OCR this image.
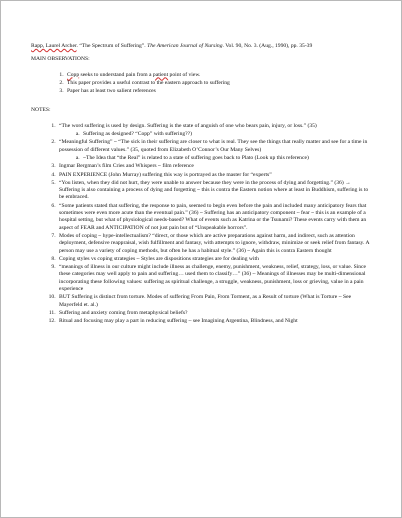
Rapp, Laurel Archer. “The Spectrum of Suffering”. The American Journal of Nursing. Vol. 90, No. 3. (Aug., 1990), pp. 35-39

MAIN OBSERVATIONS:

1. Copp seeks to understand pain from a patient point of view.
2. This paper provides a useful contrast to the eastern approach to suffering
3. Paper has at least two salient references

NOTES:

1. “The word suffering is used by design. Suffering is the state of anguish of one who bears pain, injury, or loss.” (35)
a. Suffering as designed? “Copp” with suffering??)
2. “Meaningful Suffering” ~ “The sick in their suffering are closer to what is real. They see the things that really matter and see for a time in possession of different values.” (35, quoted from Elizabeth O’Connor’s Our Many Selves)
a. ~The Idea that “the Real” is related to a state of suffering goes back to Plato (Look up this reference)
3. Ingmar Bergman’s film Cries and Whispers ~ film reference
4. PAIN EXPERIENCE (John Murray) suffering this way is portrayed as the master for “experts”
5. “You listen, when they did not hurt, they were unable to answer because they were in the process of dying and forgetting.” (36) → Suffering is also containing a process of dying and forgetting ~ this is contra the Eastern notion where at least in Buddhism, suffering is to be embraced.
6. “Some patients stated that suffering, the response to pain, seemed to begin even before the pain and included many anticipatory fears that sometimes were even more acute than the eventual pain.” (36) ~ Suffering has an anticipatory component ~ fear ~ this is an example of a hospital setting, but what of physiological needs-based? What of events such as Katrina or the Tsunami? These events carry with them an aspect of FEAR and ANTICIPATION of not just pain but of “Unspeakable horrors”.
7. Modes of coping ~ hype-intellectualism? “direct, or those which are active preparations against harm, and indirect, such as attention deployment, defensive reappraisal, wish fulfillment and fantasy, with attempts to ignore, withdraw, minimize or seek relief from fantasy. A person may use a variety of coping methods, but often he has a habitual style.” (36) ~ Again this is contra Eastern thought
8. Coping styles vs coping strategies ~ Styles are dispositions strategies are for dealing with
9. “meanings of illness in our culture might include illness as challenge, enemy, punishment, weakness, relief, strategy, loss, or value. Since these categories may well apply to pain and suffering… used them to classify…” (36) ~ Meanings of illnesses may be multi-dimensional incorporating these following values: suffering as spiritual challenge, a struggle, weakness, punishment, loss or grieving, value in a pain experience
10. BUT Suffering is distinct from torture. Modes of suffering From Pain, From Torment, as a Result of torture (What is Torture ~ See Mayerfeld et. al.)
11. Suffering and anxiety coming from metaphysical beliefs?
12. Ritual and focusing may play a part in reducing suffering ~ see Imagining Argentina, Blindness, and Night
